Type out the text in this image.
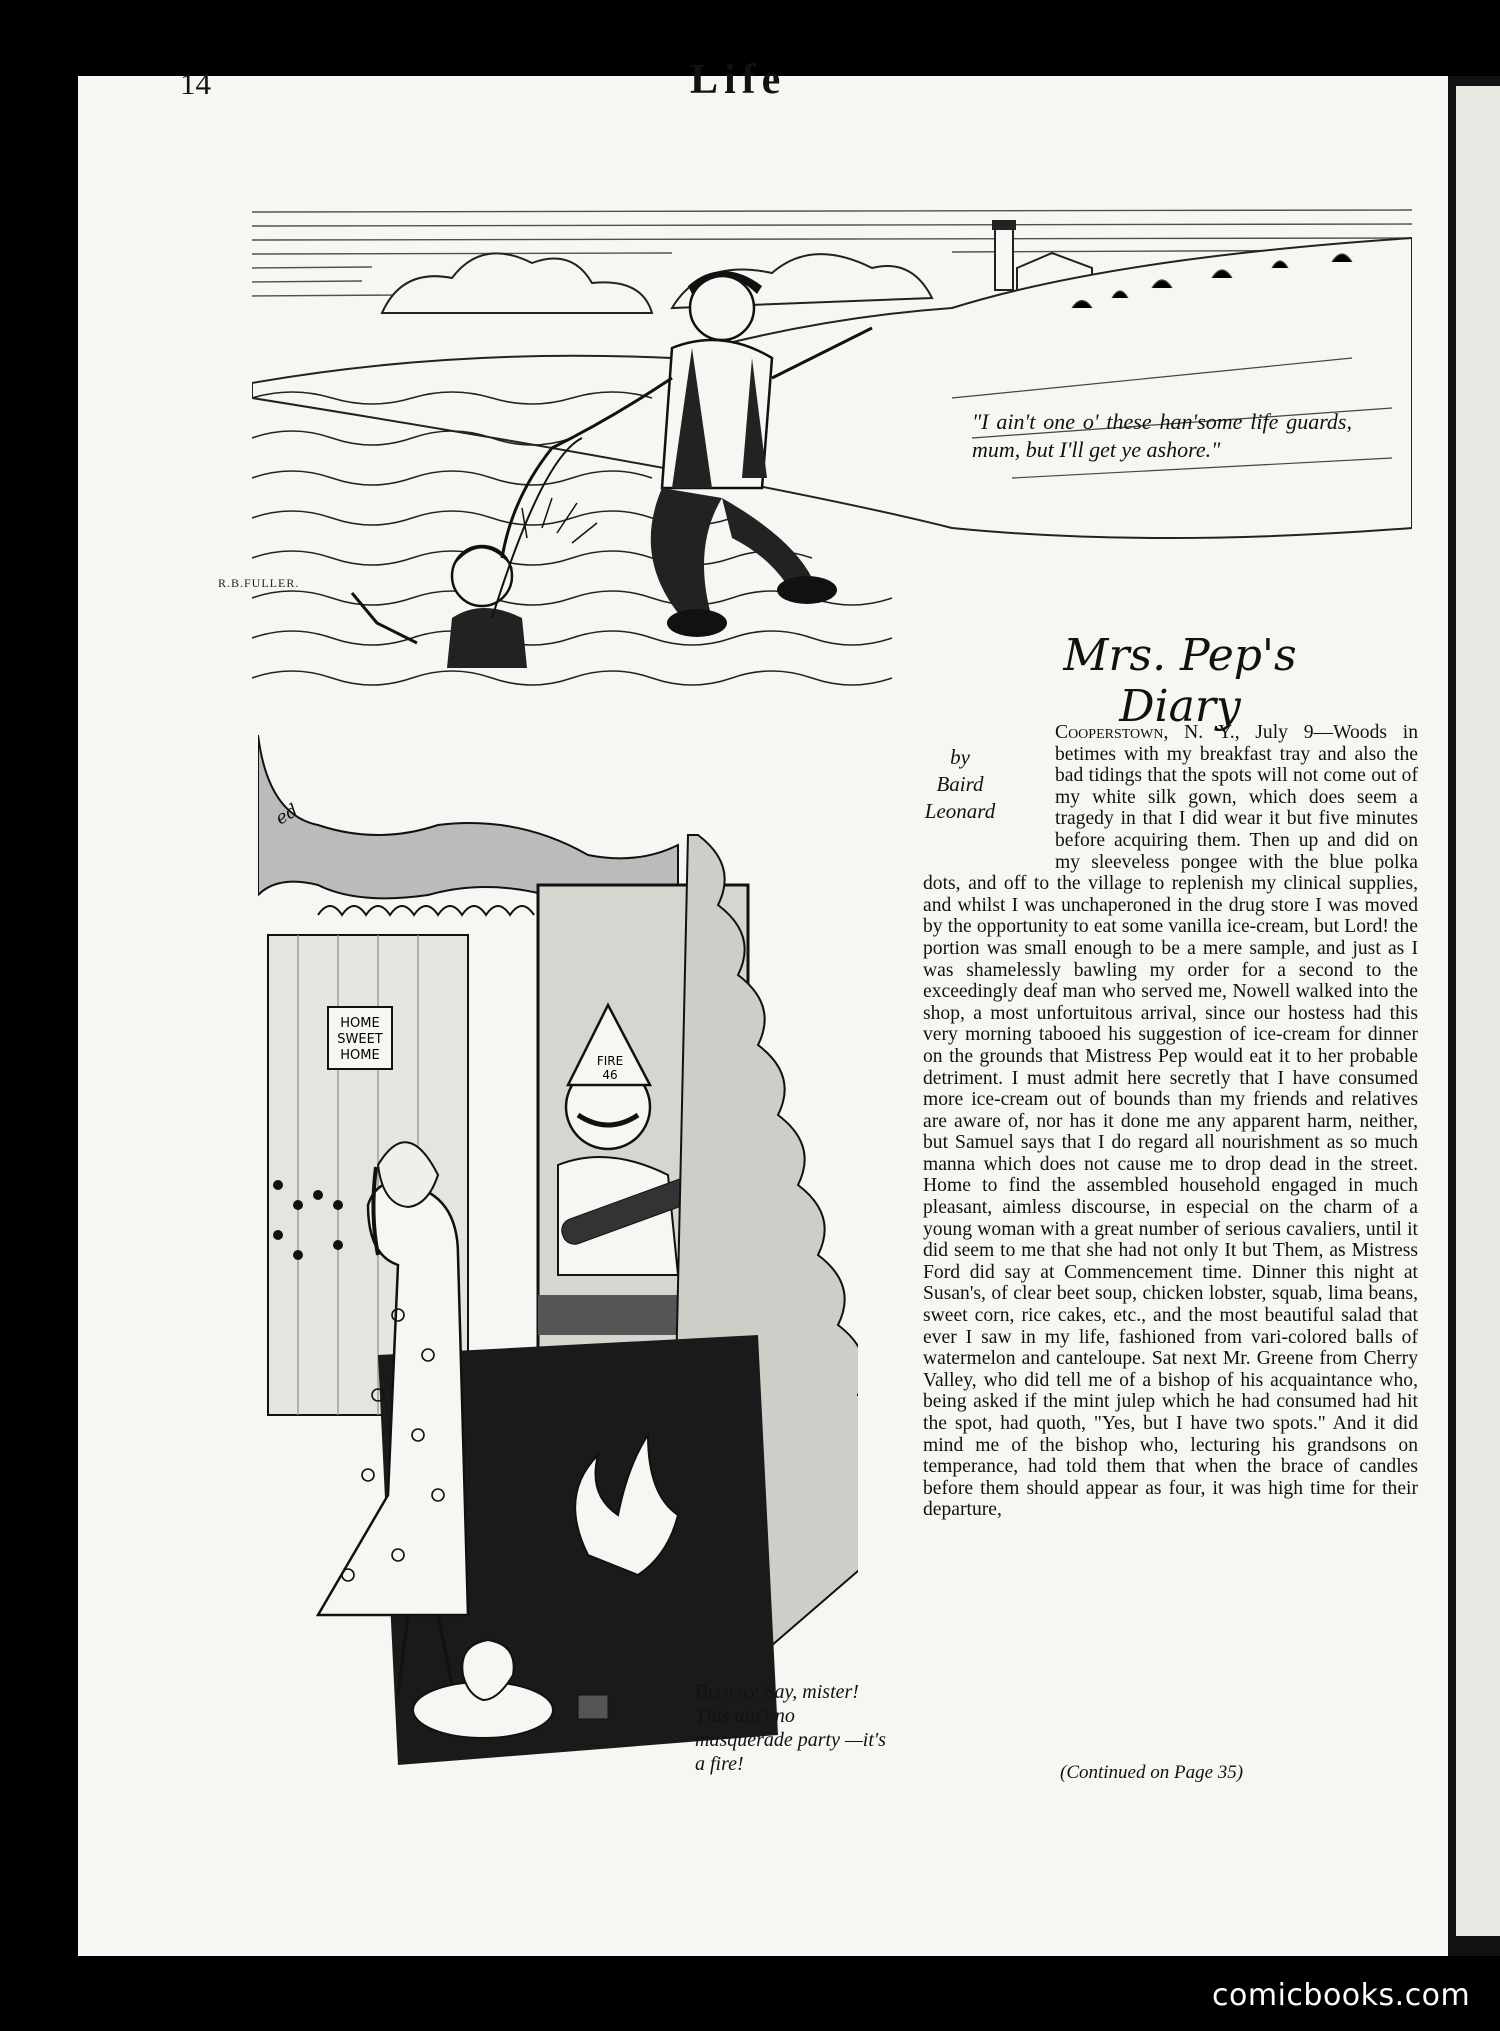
14	Life
"I ain't one o' these han'some life guards, mum, but I'll get ye ashore."
R.B.FULLER.
Mrs. Pep's Diary
by
Baird
Leonard
HOME
SWEET
HOME	FIRE
46
ed
Blotto: Say, mister! This ain't no masquerade party —it's a fire!
Cooperstown, N. Y., July 9—Woods in betimes with my breakfast tray and also the bad tidings that the spots will not come out of my white silk gown, which does seem a tragedy in that I did wear it but five minutes before acquiring them. Then up and did on my sleeveless pongee with the blue polka dots, and off to the village to replenish my clinical supplies, and whilst I was unchaperoned in the drug store I was moved by the opportunity to eat some vanilla ice-cream, but Lord! the portion was small enough to be a mere sample, and just as I was shamelessly bawling my order for a second to the exceedingly deaf man who served me, Nowell walked into the shop, a most unfortuitous arrival, since our hostess had this very morning tabooed his suggestion of ice-cream for dinner on the grounds that Mistress Pep would eat it to her probable detriment. I must admit here secretly that I have consumed more ice-cream out of bounds than my friends and relatives are aware of, nor has it done me any apparent harm, neither, but Samuel says that I do regard all nourishment as so much manna which does not cause me to drop dead in the street. Home to find the assembled household engaged in much pleasant, aimless discourse, in especial on the charm of a young woman with a great number of serious cavaliers, until it did seem to me that she had not only It but Them, as Mistress Ford did say at Commencement time. Dinner this night at Susan's, of clear beet soup, chicken lobster, squab, lima beans, sweet corn, rice cakes, etc., and the most beautiful salad that ever I saw in my life, fashioned from vari-colored balls of watermelon and canteloupe. Sat next Mr. Greene from Cherry Valley, who did tell me of a bishop of his acquaintance who, being asked if the mint julep which he had consumed had hit the spot, had quoth, "Yes, but I have two spots." And it did mind me of the bishop who, lecturing his grandsons on temperance, had told them that when the brace of candles before them should appear as four, it was high time for their departure,
(Continued on Page 35)
comicbooks.com
